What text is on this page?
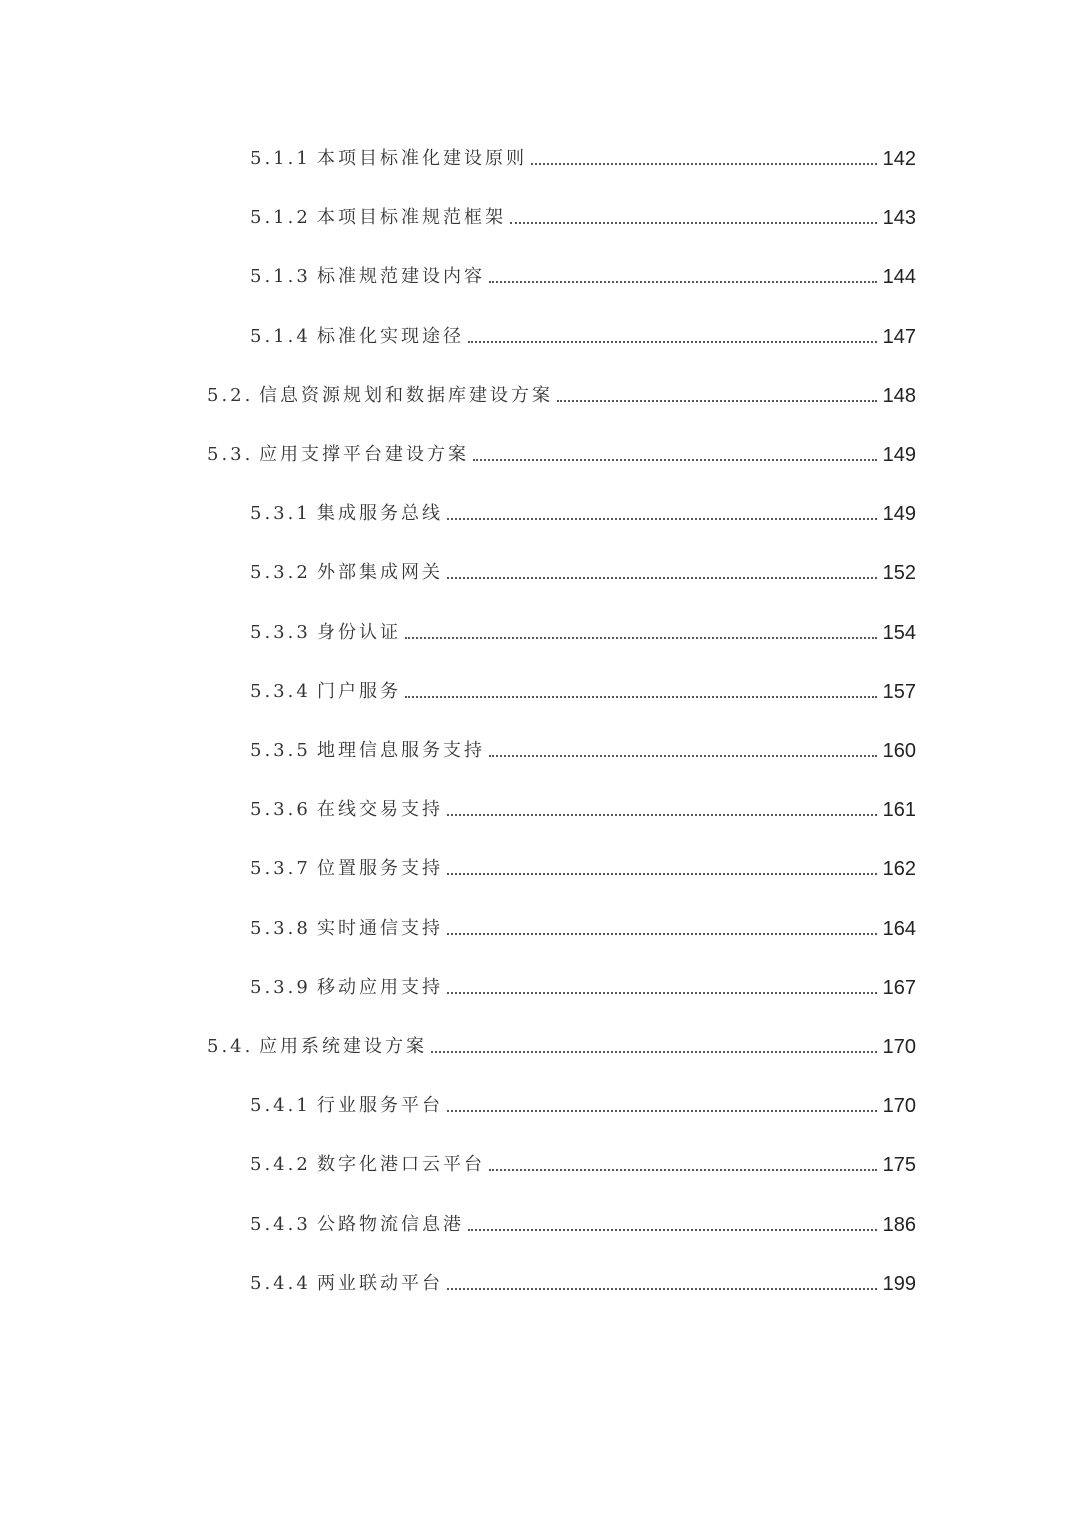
5.1.1 本项目标准化建设原则	142
5.1.2 本项目标准规范框架	143
5.1.3 标准规范建设内容	144
5.1.4 标准化实现途径	147
5.2. 信息资源规划和数据库建设方案	148
5.3. 应用支撑平台建设方案	149
5.3.1 集成服务总线	149
5.3.2 外部集成网关	152
5.3.3 身份认证	154
5.3.4 门户服务	157
5.3.5 地理信息服务支持	160
5.3.6 在线交易支持	161
5.3.7 位置服务支持	162
5.3.8 实时通信支持	164
5.3.9 移动应用支持	167
5.4. 应用系统建设方案	170
5.4.1 行业服务平台	170
5.4.2 数字化港口云平台	175
5.4.3 公路物流信息港	186
5.4.4 两业联动平台	199
